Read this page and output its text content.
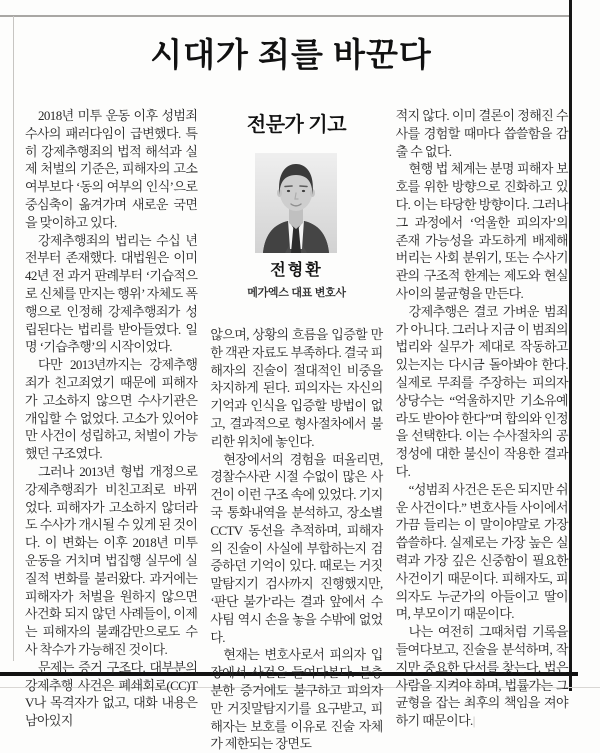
시대가 죄를 바꾼다

2018년 미투 운동 이후 성범죄 수사의 패러다임이 급변했다. 특히 강제추행죄의 법적 해석과 실제 처벌의 기준은, 피해자의 고소 여부보다 ‘동의 여부의 인식’으로 중심축이 옮겨가며 새로운 국면을 맞이하고 있다.

강제추행죄의 법리는 수십 년 전부터 존재했다. 대법원은 이미 42년 전 과거 판례부터 ‘기습적으로 신체를 만지는 행위’ 자체도 폭행으로 인정해 강제추행죄가 성립된다는 법리를 받아들였다. 일명 ‘기습추행’의 시작이었다.

다만 2013년까지는 강제추행죄가 친고죄였기 때문에 피해자가 고소하지 않으면 수사기관은 개입할 수 없었다. 고소가 있어야만 사건이 성립하고, 처벌이 가능했던 구조였다.

그러나 2013년 형법 개정으로 강제추행죄가 비친고죄로 바뀌었다. 피해자가 고소하지 않더라도 수사가 개시될 수 있게 된 것이다. 이 변화는 이후 2018년 미투 운동을 거치며 법집행 실무에 실질적 변화를 불러왔다. 과거에는 피해자가 처벌을 원하지 않으면 사건화 되지 않던 사례들이, 이제는 피해자의 불쾌감만으로도 수사 착수가 가능해진 것이다.

문제는 증거 구조다. 대부분의 강제추행 사건은 폐쇄회로(CC)TV나 목격자가 없고, 대화 내용은 남아있지

전문가 기고
전형환
메가엑스 대표 변호사

않으며, 상황의 흐름을 입증할 만한 객관 자료도 부족하다. 결국 피해자의 진술이 절대적인 비중을 차지하게 된다. 피의자는 자신의 기억과 인식을 입증할 방법이 없고, 결과적으로 형사절차에서 불리한 위치에 놓인다.

현장에서의 경험을 떠올리면, 경찰수사관 시절 수없이 많은 사건이 이런 구조 속에 있었다. 기지국 통화내역을 분석하고, 장소별 CCTV 동선을 추적하며, 피해자의 진술이 사실에 부합하는지 검증하던 기억이 있다. 때로는 거짓말탐지기 검사까지 진행했지만, ‘판단 불가’라는 결과 앞에서 수사팀 역시 손을 놓을 수밖에 없었다.

현재는 변호사로서 피의자 입장에서 사건을 들여다본다. 불충분한 증거에도 불구하고 피의자만 거짓말탐지기를 요구받고, 피해자는 보호를 이유로 진술 자체가 제한되는 장면도

적지 않다. 이미 결론이 정해진 수사를 경험할 때마다 씁쓸함을 감출 수 없다.

현행 법 체계는 분명 피해자 보호를 위한 방향으로 진화하고 있다. 이는 타당한 방향이다. 그러나 그 과정에서 ‘억울한 피의자’의 존재 가능성을 과도하게 배제해버리는 사회 분위기, 또는 수사기관의 구조적 한계는 제도와 현실 사이의 불균형을 만든다.

강제추행은 결코 가벼운 범죄가 아니다. 그러나 지금 이 범죄의 법리와 실무가 제대로 작동하고 있는지는 다시금 돌아봐야 한다. 실제로 무죄를 주장하는 피의자 상당수는 “억울하지만 기소유예라도 받아야 한다”며 합의와 인정을 선택한다. 이는 수사절차의 공정성에 대한 불신이 작용한 결과다.

“성범죄 사건은 돈은 되지만 쉬운 사건이다.” 변호사들 사이에서 가끔 들리는 이 말이야말로 가장 씁쓸하다. 실제로는 가장 높은 실력과 가장 깊은 신중함이 필요한 사건이기 때문이다. 피해자도, 피의자도 누군가의 아들이고 딸이며, 부모이기 때문이다.

나는 여전히 그때처럼 기록을 들여다보고, 진술을 분석하며, 작지만 중요한 단서를 찾는다. 법은 사람을 지켜야 하며, 법률가는 그 균형을 잡는 최후의 책임을 져야 하기 때문이다.|
